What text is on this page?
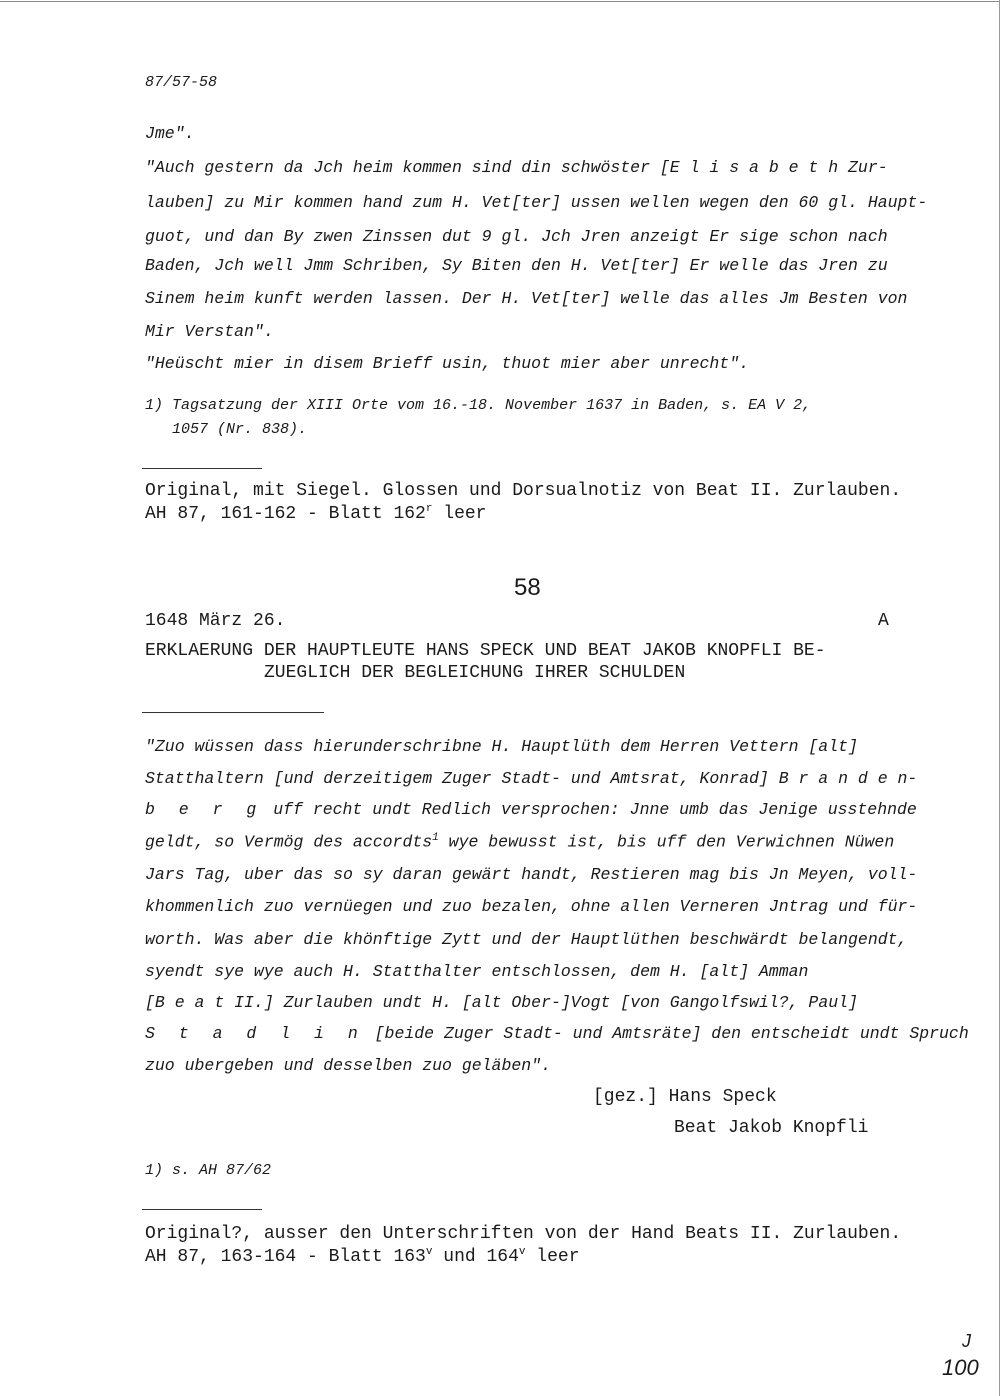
87/57-58
Jme".
"Auch gestern da Jch heim kommen sind din schwöster [E l i s a b e t h Zur-
lauben] zu Mir kommen hand zum H. Vet[ter] ussen wellen wegen den 60 gl. Haupt-
guot, und dan By zwen Zinssen dut 9 gl. Jch Jren anzeigt Er sige schon nach
Baden, Jch well Jmm Schriben, Sy Biten den H. Vet[ter] Er welle das Jren zu
Sinem heim kunft werden lassen. Der H. Vet[ter] welle das alles Jm Besten von
Mir Verstan".
"Heüscht mier in disem Brieff usin, thuot mier aber unrecht".
1) Tagsatzung der XIII Orte vom 16.-18. November 1637 in Baden, s. EA V 2,
1057 (Nr. 838).
Original, mit Siegel. Glossen und Dorsualnotiz von Beat II. Zurlauben.
AH 87, 161-162 - Blatt 162$^r$ leer
58
1648 März 26.	A
ERKLAERUNG DER HAUPTLEUTE HANS SPECK UND BEAT JAKOB KNOPFLI BE-
ZUEGLICH DER BEGLEICHUNG IHRER SCHULDEN
"Zuo wüssen dass hierunderschribne H. Hauptlüth dem Herren Vettern [alt]
Statthaltern [und derzeitigem Zuger Stadt- und Amtsrat, Konrad] B r a n d e n-
b e r g uff recht undt Redlich versprochen: Jnne umb das Jenige usstehnde
geldt, so Vermög des accordts$^1$ wye bewusst ist, bis uff den Verwichnen Nüwen
Jars Tag, uber das so sy daran gewärt handt, Restieren mag bis Jn Meyen, voll-
khommenlich zuo vernüegen und zuo bezalen, ohne allen Verneren Jntrag und für-
worth. Was aber die khönftige Zytt und der Hauptlüthen beschwärdt belangendt,
syendt sye wye auch H. Statthalter entschlossen, dem H. [alt] Amman
[B e a t II.] Zurlauben undt H. [alt Ober-]Vogt [von Gangolfswil?, Paul]
S t a d l i n [beide Zuger Stadt- und Amtsräte] den entscheidt undt Spruch
zuo ubergeben und desselben zuo geläben".
[gez.] Hans Speck
Beat Jakob Knopfli
1) s. AH 87/62
Original?, ausser den Unterschriften von der Hand Beats II. Zurlauben.
AH 87, 163-164 - Blatt 163$^v$ und 164$^v$ leer
J
100
